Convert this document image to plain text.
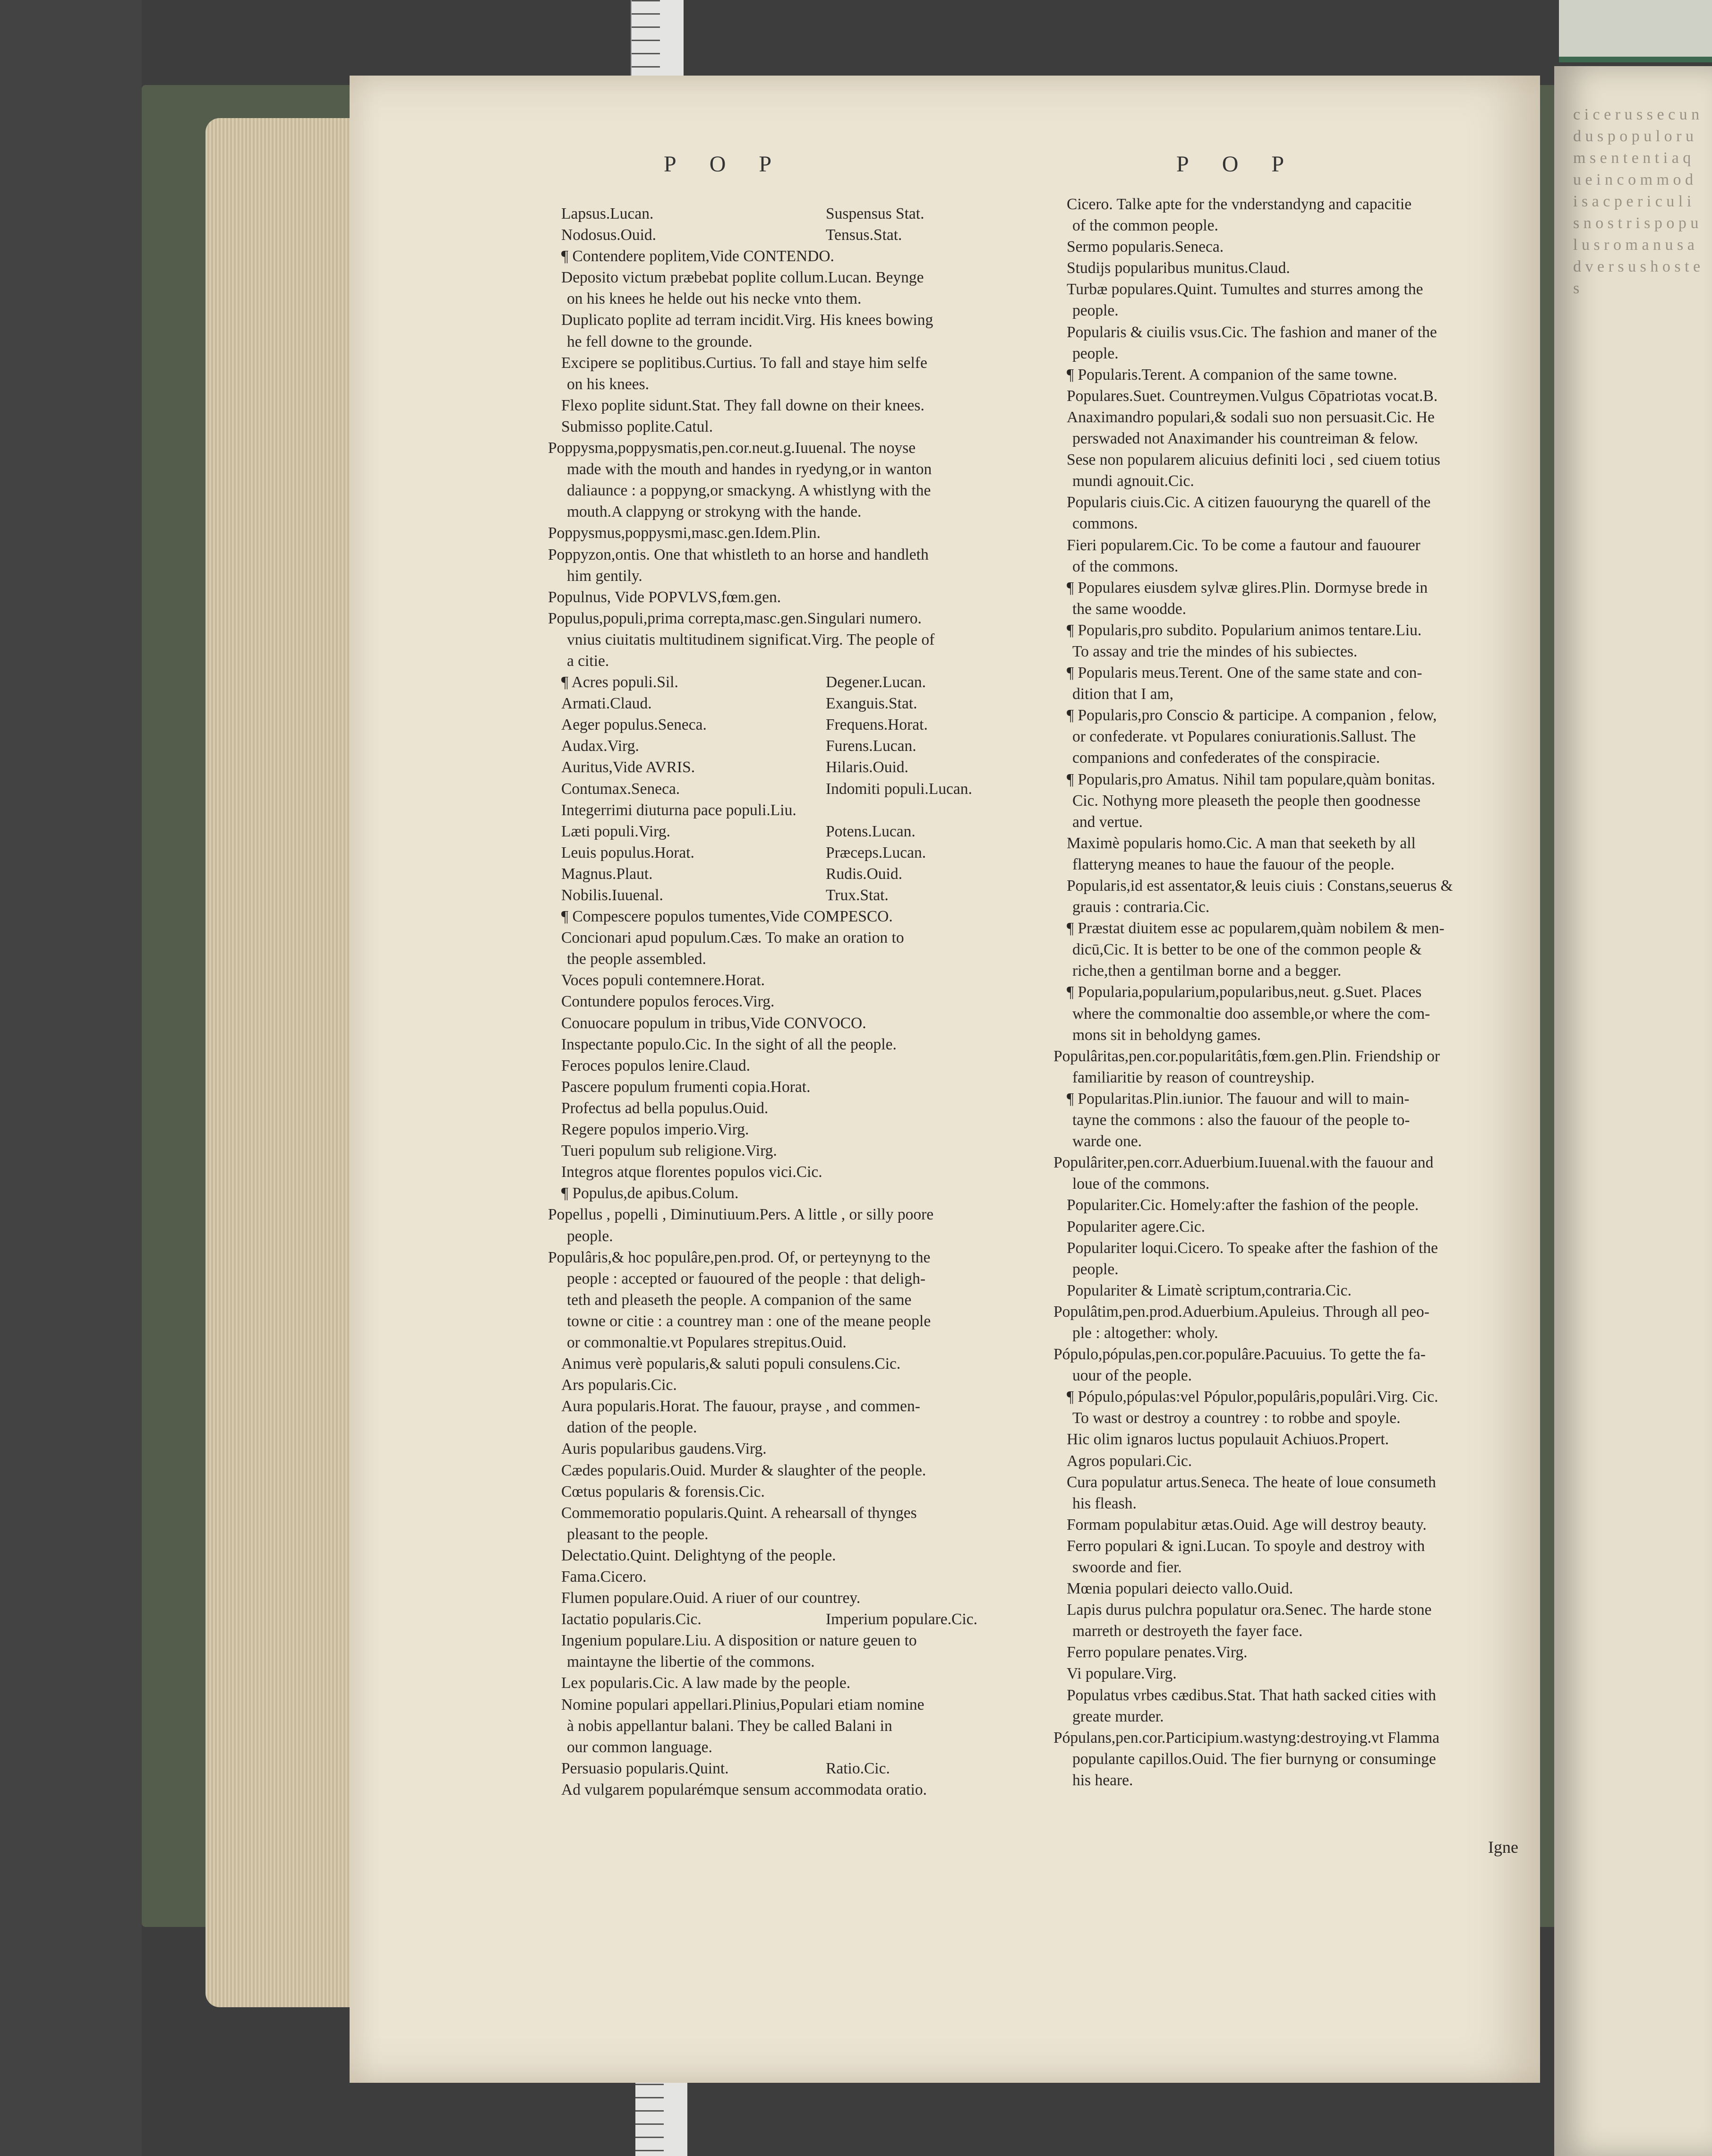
c i c e r u s s e c u n d u s p o p u l o r u m s e n t e n t i a q u e i n c o m m o d i s a c p e r i c u l i s n o s t r i s p o p u l u s r o m a n u s a d v e r s u s h o s t e s
POP	POP
Lapsus.Lucan.	Suspensus Stat.
Nodosus.Ouid.	Tensus.Stat.
¶ Contendere poplitem,Vide CONTENDO.
Deposito victum præbebat poplite collum.Lucan. Beynge
on his knees he helde out his necke vnto them.
Duplicato poplite ad terram incidit.Virg. His knees bowing
he fell downe to the grounde.
Excipere se poplitibus.Curtius. To fall and staye him selfe
on his knees.
Flexo poplite sidunt.Stat. They fall downe on their knees.
Submisso poplite.Catul.
Poppysma,poppysmatis,pen.cor.neut.g.Iuuenal. The noyse
made with the mouth and handes in ryedyng,or in wanton
daliaunce : a poppyng,or smackyng. A whistlyng with the
mouth.A clappyng or strokyng with the hande.
Poppysmus,poppysmi,masc.gen.Idem.Plin.
Poppyzon,ontis. One that whistleth to an horse and handleth
him gentily.
Populnus, Vide POPVLVS,fœm.gen.
Populus,populi,prima correpta,masc.gen.Singulari numero.
vnius ciuitatis multitudinem significat.Virg. The people of
a citie.
¶ Acres populi.Sil.	Degener.Lucan.
Armati.Claud.	Exanguis.Stat.
Aeger populus.Seneca.	Frequens.Horat.
Audax.Virg.	Furens.Lucan.
Auritus,Vide AVRIS.	Hilaris.Ouid.
Contumax.Seneca.	Indomiti populi.Lucan.
Integerrimi diuturna pace populi.Liu.
Læti populi.Virg.	Potens.Lucan.
Leuis populus.Horat.	Præceps.Lucan.
Magnus.Plaut.	Rudis.Ouid.
Nobilis.Iuuenal.	Trux.Stat.
¶ Compescere populos tumentes,Vide COMPESCO.
Concionari apud populum.Cæs. To make an oration to
the people assembled.
Voces populi contemnere.Horat.
Contundere populos feroces.Virg.
Conuocare populum in tribus,Vide CONVOCO.
Inspectante populo.Cic. In the sight of all the people.
Feroces populos lenire.Claud.
Pascere populum frumenti copia.Horat.
Profectus ad bella populus.Ouid.
Regere populos imperio.Virg.
Tueri populum sub religione.Virg.
Integros atque florentes populos vici.Cic.
¶ Populus,de apibus.Colum.
Popellus , popelli , Diminutiuum.Pers. A little , or silly poore
people.
Populâris,& hoc populâre,pen.prod. Of, or perteynyng to the
people : accepted or fauoured of the people : that deligh-
teth and pleaseth the people. A companion of the same
towne or citie : a countrey man : one of the meane people
or commonaltie.vt Populares strepitus.Ouid.
Animus verè popularis,& saluti populi consulens.Cic.
Ars popularis.Cic.
Aura popularis.Horat. The fauour, prayse , and commen-
dation of the people.
Auris popularibus gaudens.Virg.
Cædes popularis.Ouid. Murder & slaughter of the people.
Cœtus popularis & forensis.Cic.
Commemoratio popularis.Quint. A rehearsall of thynges
pleasant to the people.
Delectatio.Quint. Delightyng of the people.
Fama.Cicero.
Flumen populare.Ouid. A riuer of our countrey.
Iactatio popularis.Cic.	Imperium populare.Cic.
Ingenium populare.Liu. A disposition or nature geuen to
maintayne the libertie of the commons.
Lex popularis.Cic. A law made by the people.
Nomine populari appellari.Plinius,Populari etiam nomine
à nobis appellantur balani. They be called Balani in
our common language.
Persuasio popularis.Quint.	Ratio.Cic.
Ad vulgarem popularémque sensum accommodata oratio.
Cicero. Talke apte for the vnderstandyng and capacitie
of the common people.
Sermo popularis.Seneca.
Studijs popularibus munitus.Claud.
Turbæ populares.Quint. Tumultes and sturres among the
people.
Popularis & ciuilis vsus.Cic. The fashion and maner of the
people.
¶ Popularis.Terent. A companion of the same towne.
Populares.Suet. Countreymen.Vulgus Cōpatriotas vocat.B.
Anaximandro populari,& sodali suo non persuasit.Cic. He
perswaded not Anaximander his countreiman & felow.
Sese non popularem alicuius definiti loci , sed ciuem totius
mundi agnouit.Cic.
Popularis ciuis.Cic. A citizen fauouryng the quarell of the
commons.
Fieri popularem.Cic. To be come a fautour and fauourer
of the commons.
¶ Populares eiusdem sylvæ glires.Plin. Dormyse brede in
the same woodde.
¶ Popularis,pro subdito. Popularium animos tentare.Liu.
To assay and trie the mindes of his subiectes.
¶ Popularis meus.Terent. One of the same state and con-
dition that I am,
¶ Popularis,pro Conscio & participe. A companion , felow,
or confederate. vt Populares coniurationis.Sallust. The
companions and confederates of the conspiracie.
¶ Popularis,pro Amatus. Nihil tam populare,quàm bonitas.
Cic. Nothyng more pleaseth the people then goodnesse
and vertue.
Maximè popularis homo.Cic. A man that seeketh by all
flatteryng meanes to haue the fauour of the people.
Popularis,id est assentator,& leuis ciuis : Constans,seuerus &
grauis : contraria.Cic.
¶ Præstat diuitem esse ac popularem,quàm nobilem & men-
dicū,Cic. It is better to be one of the common people &
riche,then a gentilman borne and a begger.
¶ Popularia,popularium,popularibus,neut. g.Suet. Places
where the commonaltie doo assemble,or where the com-
mons sit in beholdyng games.
Populâritas,pen.cor.popularitâtis,fœm.gen.Plin. Friendship or
familiaritie by reason of countreyship.
¶ Popularitas.Plin.iunior. The fauour and will to main-
tayne the commons : also the fauour of the people to-
warde one.
Populâriter,pen.corr.Aduerbium.Iuuenal.with the fauour and
loue of the commons.
Populariter.Cic. Homely:after the fashion of the people.
Populariter agere.Cic.
Populariter loqui.Cicero. To speake after the fashion of the
people.
Populariter & Limatè scriptum,contraria.Cic.
Populâtim,pen.prod.Aduerbium.Apuleius. Through all peo-
ple : altogether: wholy.
Pópulo,pópulas,pen.cor.populâre.Pacuuius. To gette the fa-
uour of the people.
¶ Pópulo,pópulas:vel Pópulor,populâris,populâri.Virg. Cic.
To wast or destroy a countrey : to robbe and spoyle.
Hic olim ignaros luctus populauit Achiuos.Propert.
Agros populari.Cic.
Cura populatur artus.Seneca. The heate of loue consumeth
his fleash.
Formam populabitur ætas.Ouid. Age will destroy beauty.
Ferro populari & igni.Lucan. To spoyle and destroy with
swoorde and fier.
Mœnia populari deiecto vallo.Ouid.
Lapis durus pulchra populatur ora.Senec. The harde stone
marreth or destroyeth the fayer face.
Ferro populare penates.Virg.
Vi populare.Virg.
Populatus vrbes cædibus.Stat. That hath sacked cities with
greate murder.
Pópulans,pen.cor.Participium.wastyng:destroying.vt Flamma
populante capillos.Ouid. The fier burnyng or consuminge
his heare.
Igne
